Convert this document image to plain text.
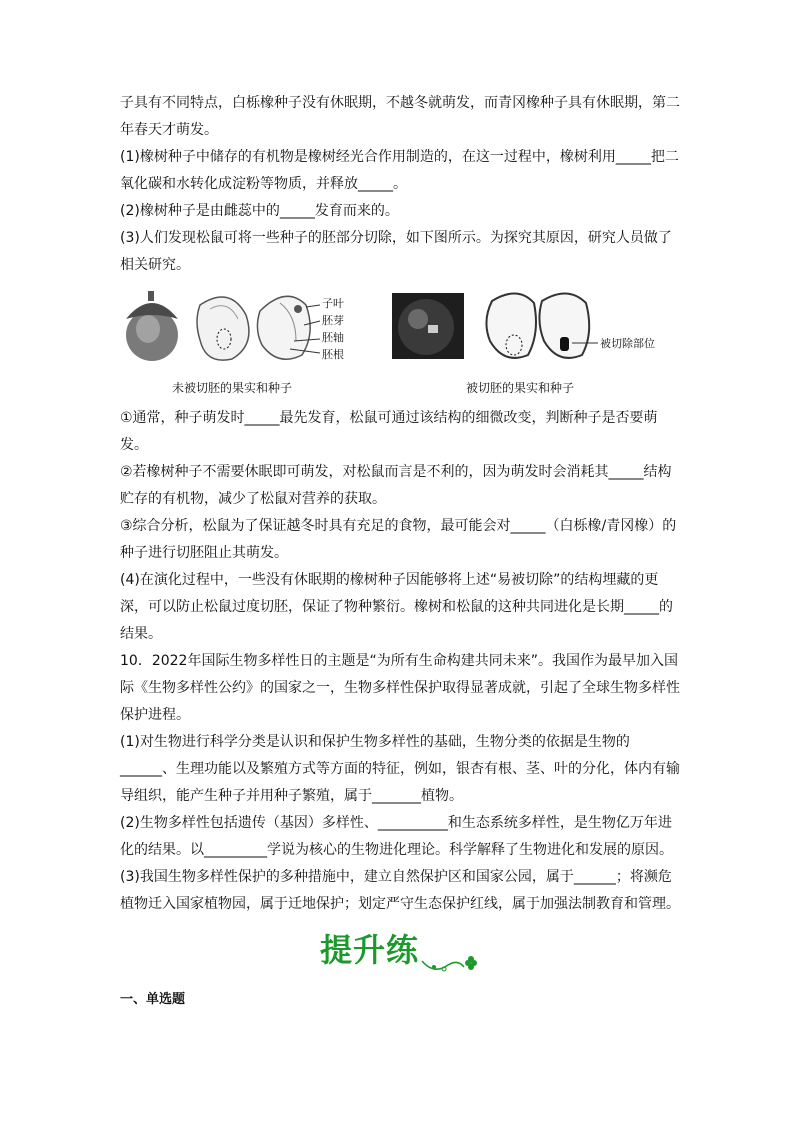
子具有不同特点，白栎橡种子没有休眠期，不越冬就萌发，而青冈橡种子具有休眠期，第二年春天才萌发。

(1)橡树种子中储存的有机物是橡树经光合作用制造的，在这一过程中，橡树利用_____把二氧化碳和水转化成淀粉等物质，并释放_____。

(2)橡树种子是由雌蕊中的_____发育而来的。

(3)人们发现松鼠可将一些种子的胚部分切除，如下图所示。为探究其原因，研究人员做了相关研究。

子叶
胚芽
胚轴
胚根
被切除部位
未被切胚的果实和种子	被切胚的果实和种子

①通常，种子萌发时_____最先发育，松鼠可通过该结构的细微改变，判断种子是否要萌发。

②若橡树种子不需要休眠即可萌发，对松鼠而言是不利的，因为萌发时会消耗其_____结构贮存的有机物，减少了松鼠对营养的获取。

③综合分析，松鼠为了保证越冬时具有充足的食物，最可能会对_____（白栎橡/青冈橡）的种子进行切胚阻止其萌发。

(4)在演化过程中，一些没有休眠期的橡树种子因能够将上述“易被切除”的结构埋藏的更深，可以防止松鼠过度切胚，保证了物种繁衍。橡树和松鼠的这种共同进化是长期_____的结果。

10．2022年国际生物多样性日的主题是“为所有生命构建共同未来”。我国作为最早加入国际《生物多样性公约》的国家之一，生物多样性保护取得显著成就，引起了全球生物多样性保护进程。

(1)对生物进行科学分类是认识和保护生物多样性的基础，生物分类的依据是生物的______、生理功能以及繁殖方式等方面的特征，例如，银杏有根、茎、叶的分化，体内有输导组织，能产生种子并用种子繁殖，属于_______植物。

(2)生物多样性包括遗传（基因）多样性、__________和生态系统多样性，是生物亿万年进化的结果。以_________学说为核心的生物进化理论。科学解释了生物进化和发展的原因。

(3)我国生物多样性保护的多种措施中，建立自然保护区和国家公园，属于______；将濒危植物迁入国家植物园，属于迁地保护；划定严守生态保护红线，属于加强法制教育和管理。

提升练
一、单选题
